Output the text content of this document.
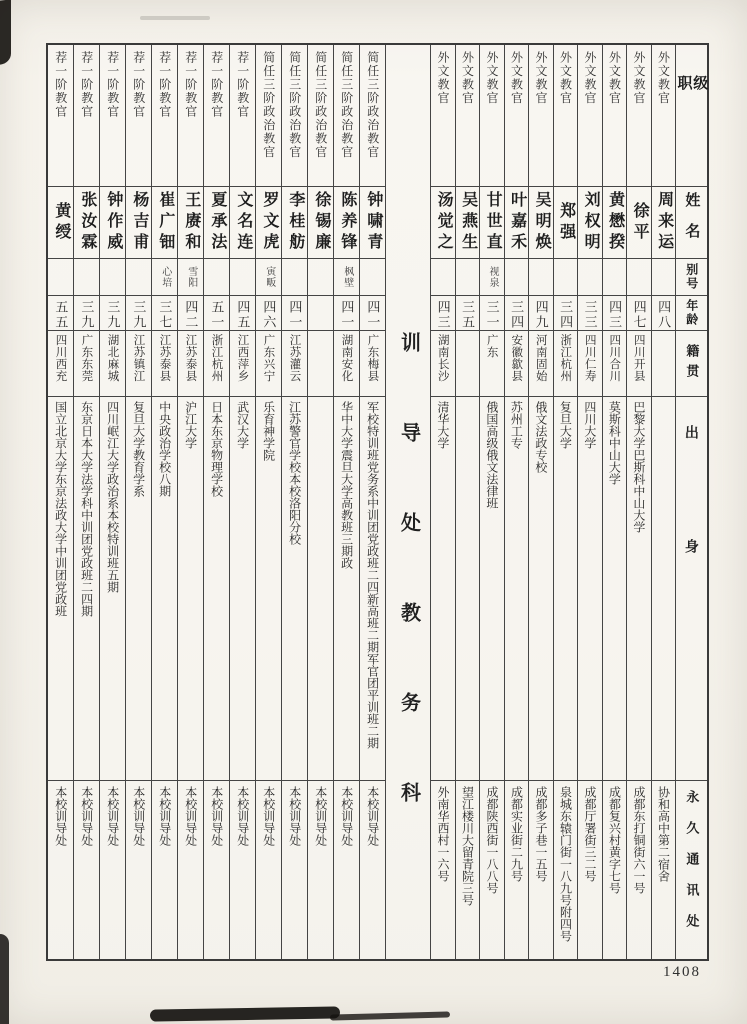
荐一阶教官
黄绶
五五
四川西充
国立北京大学东京法政大学中训团党政班
本校训导处
荐一阶教官
张汝霖
三九
广东东莞
东京日本大学法学科中训团党政班二四期
本校训导处
荐一阶教官
钟作威
三九
湖北麻城
四川岷江大学政治系本校特训班五期
本校训导处
荐一阶教官
杨吉甫
三九
江苏镇江
复旦大学教育学系
本校训导处
荐一阶教官
崔广钿
心培
三七
江苏泰县
中央政治学校八期
本校训导处
荐一阶教官
王赓和
雪阳
四二
江苏泰县
沪江大学
本校训导处
荐一阶教官
夏承法
五一
浙江杭州
日本东京物理学校
本校训导处
荐一阶教官
文名连
四五
江西萍乡
武汉大学
本校训导处
简任三阶政治教官
罗文虎
寅畈
四六
广东兴宁
乐育神学院
本校训导处
简任三阶政治教官
李桂舫
四一
江苏灌云
江苏警官学校本校洛阳分校
本校训导处
简任三阶政治教官
徐锡廉
本校训导处
简任三阶政治教官
陈养锋
枫壁
四一
湖南安化
华中大学震旦大学高教班三期政
本校训导处
简任三阶政治教官
钟啸青
四一
广东梅县
军校特训班党务系中训团党政班二四新高班二期军官团平训班二期
本校训导处 训导处教务科
外文教官
汤觉之
四三
湖南长沙
清华大学
外南华西村一六号
外文教官
吴燕生
三五
望江楼川大留青院三号
外文教官
甘世直
视泉
三一
广东
俄国高级俄文法律班
成都陕西街一八八号
外文教官
叶嘉禾
三四
安徽歙县
苏州工专
成都实业街二九号
外文教官
吴明焕
四九
河南固始
俄文法政专校
成都多子巷一五号
外文教官
郑强
三四
浙江杭州
复旦大学
泉城东辕门街一八九号附四号
外文教官
刘权明
三三
四川仁寿
四川大学
成都厅署街三二号
外文教官
黄懋揆
四三
四川合川
莫斯科中山大学
成都复兴村黄字七号
外文教官
徐平
四七
四川开县
巴黎大学巴斯科中山大学
成都东打铜街六一号
外文教官
周来运
四八
协和高中第二宿舍
级职
姓名
别号
年龄
籍贯
出身
永久通讯处
1408
